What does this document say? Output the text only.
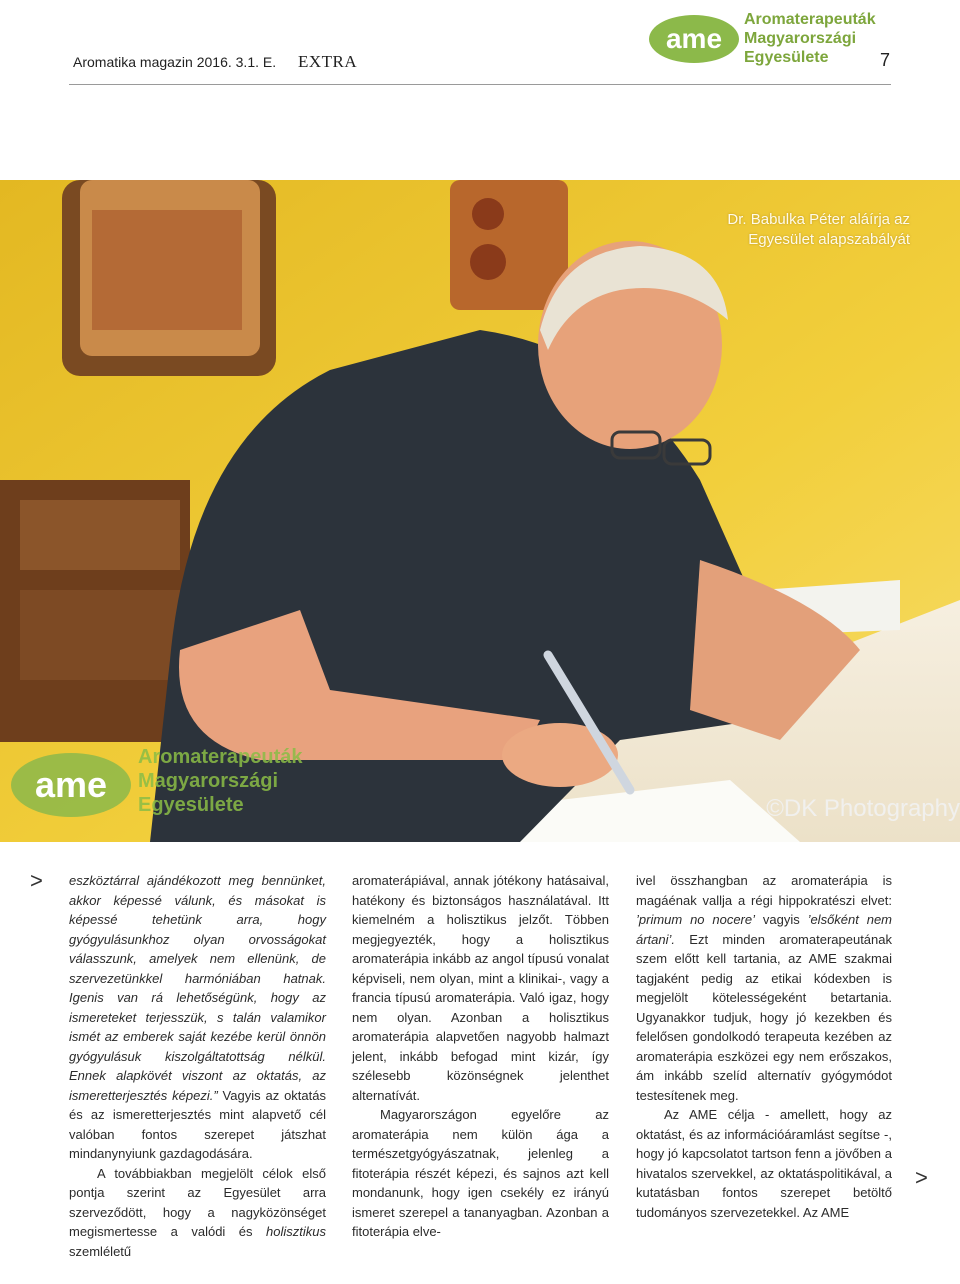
Aromatika magazin 2016. 3.1. E. EXTRA
ame
Aromaterapeuták
Magyarországi
Egyesülete	7
Dr. Babulka Péter aláírja az
Egyesület alapszabályát
ame
Aromaterapeuták
Magyarországi
Egyesülete	©DK Photography
>
>

eszköztárral ajándékozott meg bennünket, akkor képessé válunk, és másokat is képessé tehetünk arra, hogy gyógyulásunkhoz olyan orvosságokat válasszunk, amelyek nem ellenünk, de szervezetünkkel harmóniában hatnak. Igenis van rá lehetőségünk, hogy az ismereteket terjesszük, s talán valamikor ismét az emberek saját kezébe kerül önnön gyógyulásuk kiszolgáltatottság nélkül. Ennek alapkövét viszont az oktatás, az ismeretterjesztés képezi.” Vagyis az oktatás és az ismeretterjesztés mint alapvető cél valóban fontos szerepet játszhat mindanynyiunk gazdagodására.

A továbbiakban megjelölt célok első pontja szerint az Egyesület arra szerveződött, hogy a nagyközönséget megismertesse a valódi és holisztikus szemléletű

aromaterápiával, annak jótékony hatásaival, hatékony és biztonságos használatával. Itt kiemelném a holisztikus jelzőt. Többen megjegyezték, hogy a holisztikus aromaterápia inkább az angol típusú vonalat képviseli, nem olyan, mint a klinikai-, vagy a francia típusú aromaterápia. Való igaz, hogy nem olyan. Azonban a holisztikus aromaterápia alapvetően nagyobb halmazt jelent, inkább befogad mint kizár, így szélesebb közönségnek jelenthet alternatívát.

Magyarországon egyelőre az aromaterápia nem külön ága a természetgyógyászatnak, jelenleg a fitoterápia részét képezi, és sajnos azt kell mondanunk, hogy igen csekély ez irányú ismeret szerepel a tananyagban. Azonban a fitoterápia elve-

ivel összhangban az aromaterápia is magáénak vallja a régi hippokratészi elvet: ’primum no nocere’ vagyis ’elsőként nem ártani’. Ezt minden aromaterapeutának szem előtt kell tartania, az AME szakmai tagjaként pedig az etikai kódexben is megjelölt kötelességeként betartania. Ugyanakkor tudjuk, hogy jó kezekben és felelősen gondolkodó terapeuta kezében az aromaterápia eszközei egy nem erőszakos, ám inkább szelíd alternatív gyógymódot testesítenek meg.

Az AME célja - amellett, hogy az oktatást, és az információáramlást segítse -, hogy jó kapcsolatot tartson fenn a jövőben a hivatalos szervekkel, az oktatáspolitikával, a kutatásban fontos szerepet betöltő tudományos szervezetekkel. Az AME
